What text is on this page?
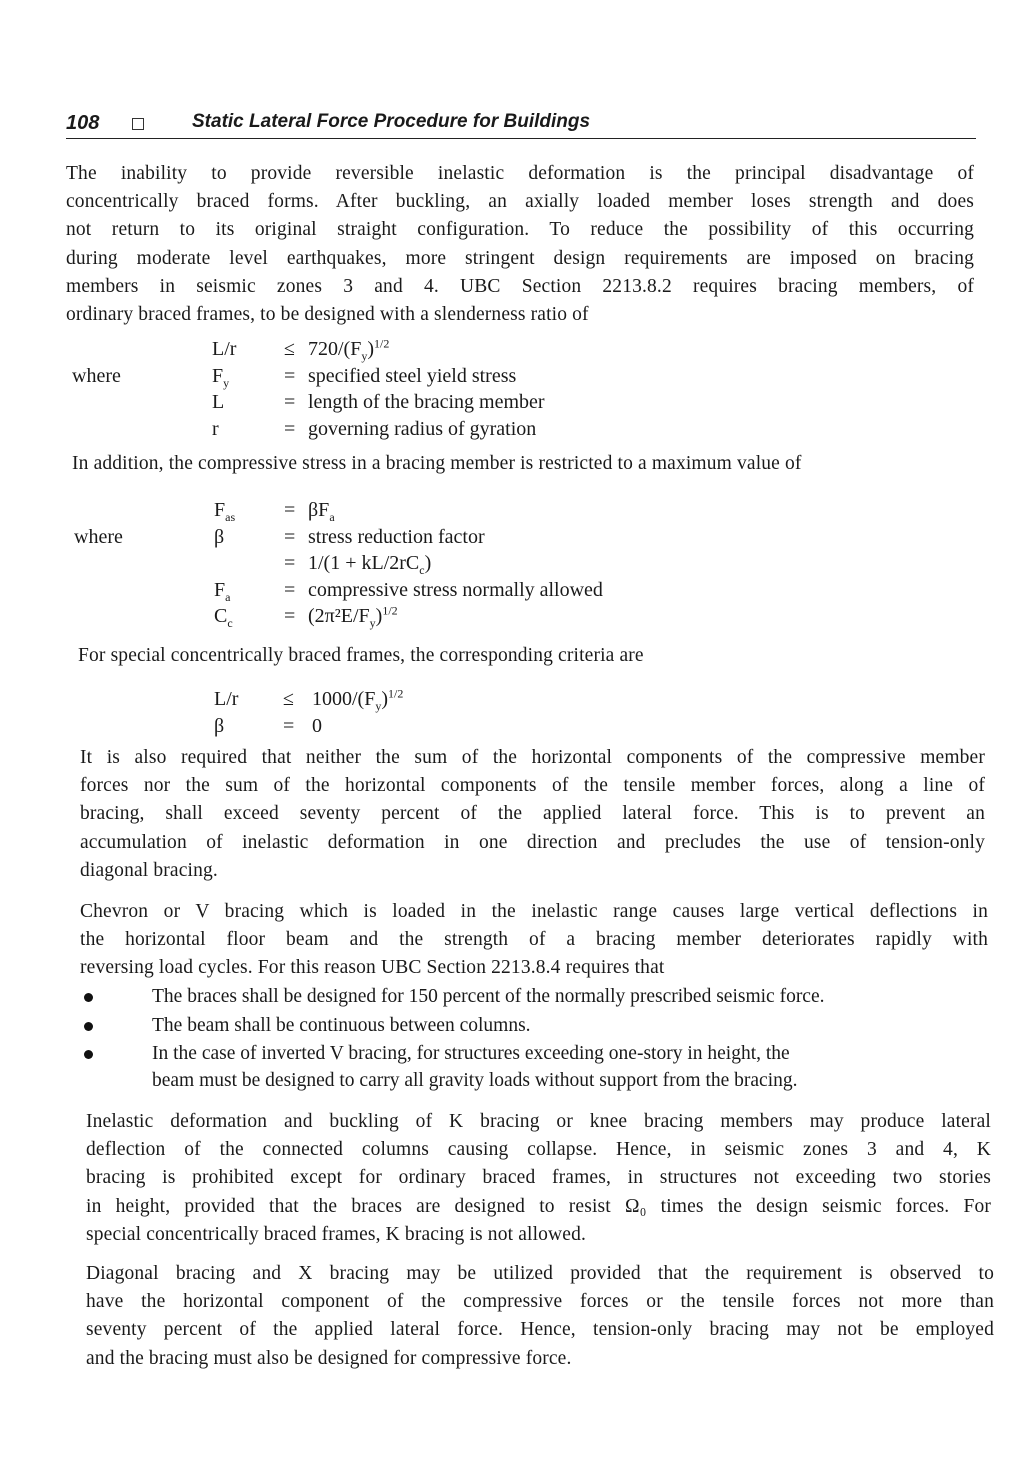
108	Static Lateral Force Procedure for Buildings
The inability to provide reversible inelastic deformation is the principal disadvantage of
concentrically braced forms. After buckling, an axially loaded member loses strength and does
not return to its original straight configuration. To reduce the possibility of this occurring
during moderate level earthquakes, more stringent design requirements are imposed on bracing
members in seismic zones 3 and 4. UBC Section 2213.8.2 requires bracing members, of
ordinary braced frames, to be designed with a slenderness ratio of
$L/r \le 720/(F_y)^{1/2}$
where	$F_y$	= specified steel yield stress
L	= length of the bracing member
r	= governing radius of gyration
In addition, the compressive stress in a bracing member is restricted to a maximum value of
$F_{as} = \beta F_a$
where	β	= stress reduction factor
= $1/(1 + kL/2rC_c)$
$F_a$	= compressive stress normally allowed
$C_c$	= $(2\pi^2E/F_y)^{1/2}$
For special concentrically braced frames, the corresponding criteria are
$L/r \le 1000/(F_y)^{1/2}$
β	= 0
It is also required that neither the sum of the horizontal components of the compressive member
forces nor the sum of the horizontal components of the tensile member forces, along a line of
bracing, shall exceed seventy percent of the applied lateral force. This is to prevent an
accumulation of inelastic deformation in one direction and precludes the use of tension-only
diagonal bracing.
Chevron or V bracing which is loaded in the inelastic range causes large vertical deflections in
the horizontal floor beam and the strength of a bracing member deteriorates rapidly with
reversing load cycles. For this reason UBC Section 2213.8.4 requires that
The braces shall be designed for 150 percent of the normally prescribed seismic force.
The beam shall be continuous between columns.
In the case of inverted V bracing, for structures exceeding one-story in height, the
beam must be designed to carry all gravity loads without support from the bracing.
Inelastic deformation and buckling of K bracing or knee bracing members may produce lateral
deflection of the connected columns causing collapse. Hence, in seismic zones 3 and 4, K
bracing is prohibited except for ordinary braced frames, in structures not exceeding two stories
in height, provided that the braces are designed to resist Ω₀ times the design seismic forces. For
special concentrically braced frames, K bracing is not allowed.
Diagonal bracing and X bracing may be utilized provided that the requirement is observed to
have the horizontal component of the compressive forces or the tensile forces not more than
seventy percent of the applied lateral force. Hence, tension-only bracing may not be employed
and the bracing must also be designed for compressive force.
